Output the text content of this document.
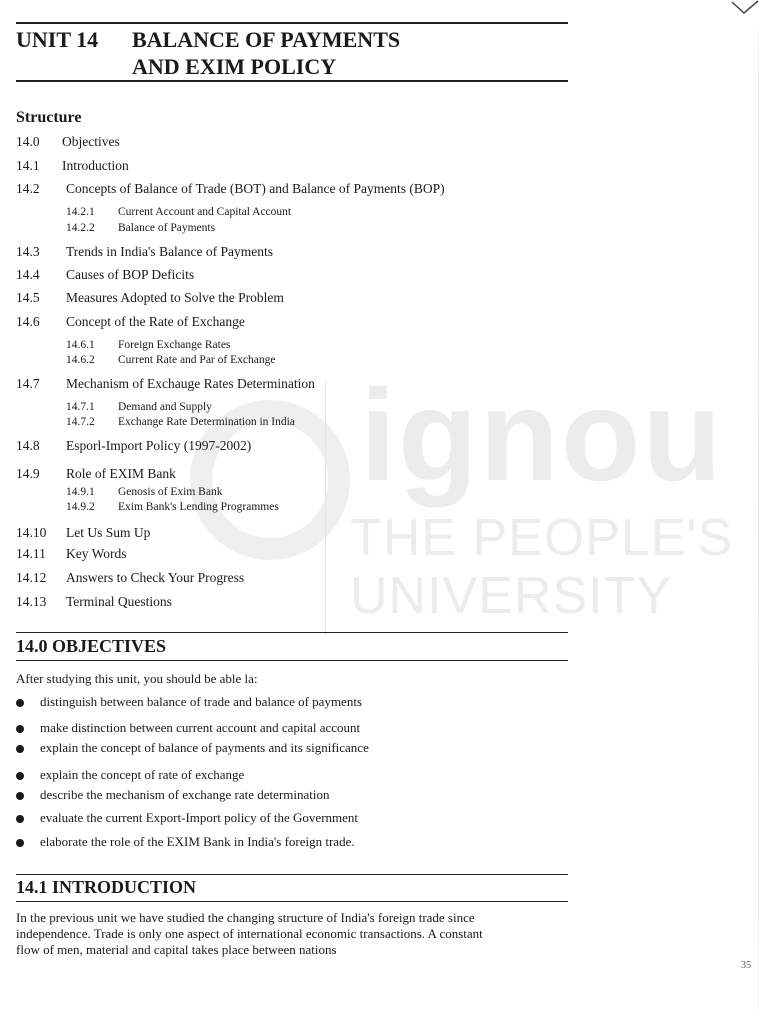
ignou
THE PEOPLE'S
UNIVERSITY
UNIT 14 BALANCE OF PAYMENTS
AND EXIM POLICY
Structure
14.0	Objectives
14.1	Introduction
14.2	Concepts of Balance of Trade (BOT) and Balance of Payments (BOP)
14.2.1	Current Account and Capital Account
14.2.2	Balance of Payments
14.3	Trends in India's Balance of Payments
14.4	Causes of BOP Deficits
14.5	Measures Adopted to Solve the Problem
14.6	Concept of the Rate of Exchange
14.6.1	Foreign Exchange Rates
14.6.2	Current Rate and Par of Exchange
14.7	Mechanism of Exchauge Rates Determination
14.7.1	Demand and Supply
14.7.2	Exchange Rate Determination in India
14.8	Esporl-Import Policy (1997-2002)
14.9	Role of EXIM Bank
14.9.1	Genosis of Exim Bank
14.9.2	Exim Bank's Lending Programmes
14.10	Let Us Sum Up
14.11	Key Words
14.12	Answers to Check Your Progress
14.13	Terminal Questions
14.0 OBJECTIVES
After studying this unit, you should be able la:
distinguish between balance of trade and balance of payments
make distinction between current account and capital account
explain the concept of balance of payments and its significance
explain the concept of rate of exchange
describe the mechanism of exchange rate determination
evaluate the current Export-Import policy of the Government
elaborate the role of the EXIM Bank in India's foreign trade.
14.1 INTRODUCTION
In the previous unit we have studied the changing structure of India's foreign trade since
independence. Trade is only one aspect of international economic transactions. A constant
flow of men, material and capital takes place between nations
35
